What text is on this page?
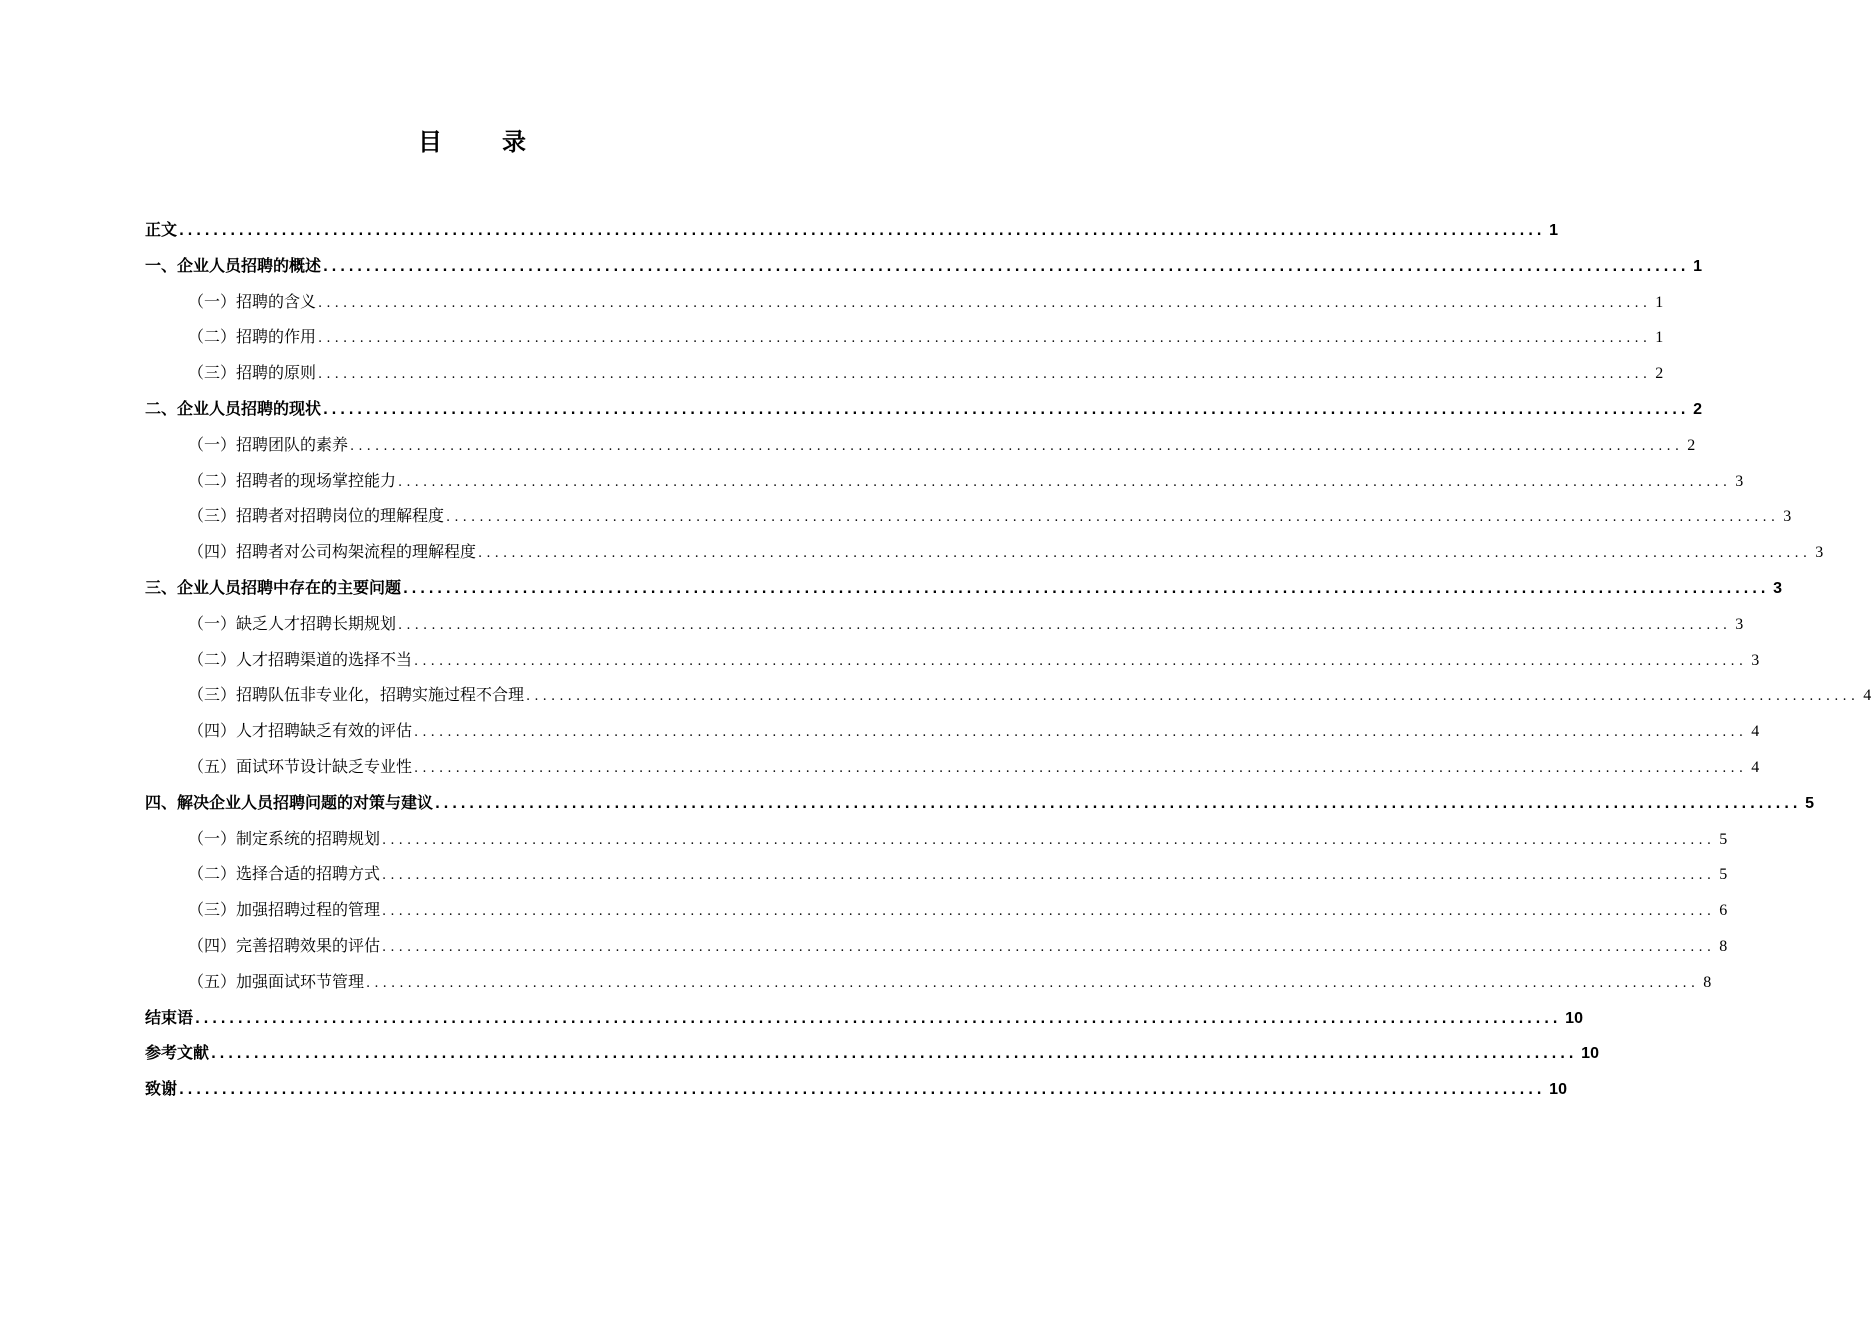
目　录
正文 ................................................................................................................................................................ 1
一、企业人员招聘的概述 ................................................................................................................................................................ 1
（一）招聘的含义 ................................................................................................................................................................ 1
（二）招聘的作用 ................................................................................................................................................................ 1
（三）招聘的原则 ................................................................................................................................................................ 2
二、企业人员招聘的现状 ................................................................................................................................................................ 2
（一）招聘团队的素养 ................................................................................................................................................................ 2
（二）招聘者的现场掌控能力 ................................................................................................................................................................ 3
（三）招聘者对招聘岗位的理解程度 ................................................................................................................................................................ 3
（四）招聘者对公司构架流程的理解程度 ................................................................................................................................................................ 3
三、企业人员招聘中存在的主要问题 ................................................................................................................................................................ 3
（一）缺乏人才招聘长期规划 ................................................................................................................................................................ 3
（二）人才招聘渠道的选择不当 ................................................................................................................................................................ 3
（三）招聘队伍非专业化，招聘实施过程不合理 ................................................................................................................................................................ 4
（四）人才招聘缺乏有效的评估 ................................................................................................................................................................ 4
（五）面试环节设计缺乏专业性 ................................................................................................................................................................ 4
四、解决企业人员招聘问题的对策与建议 ................................................................................................................................................................ 5
（一）制定系统的招聘规划 ................................................................................................................................................................ 5
（二）选择合适的招聘方式 ................................................................................................................................................................ 5
（三）加强招聘过程的管理 ................................................................................................................................................................ 6
（四）完善招聘效果的评估 ................................................................................................................................................................ 8
（五）加强面试环节管理 ................................................................................................................................................................ 8
结束语 ................................................................................................................................................................ 10
参考文献 ................................................................................................................................................................ 10
致谢 ................................................................................................................................................................ 10
